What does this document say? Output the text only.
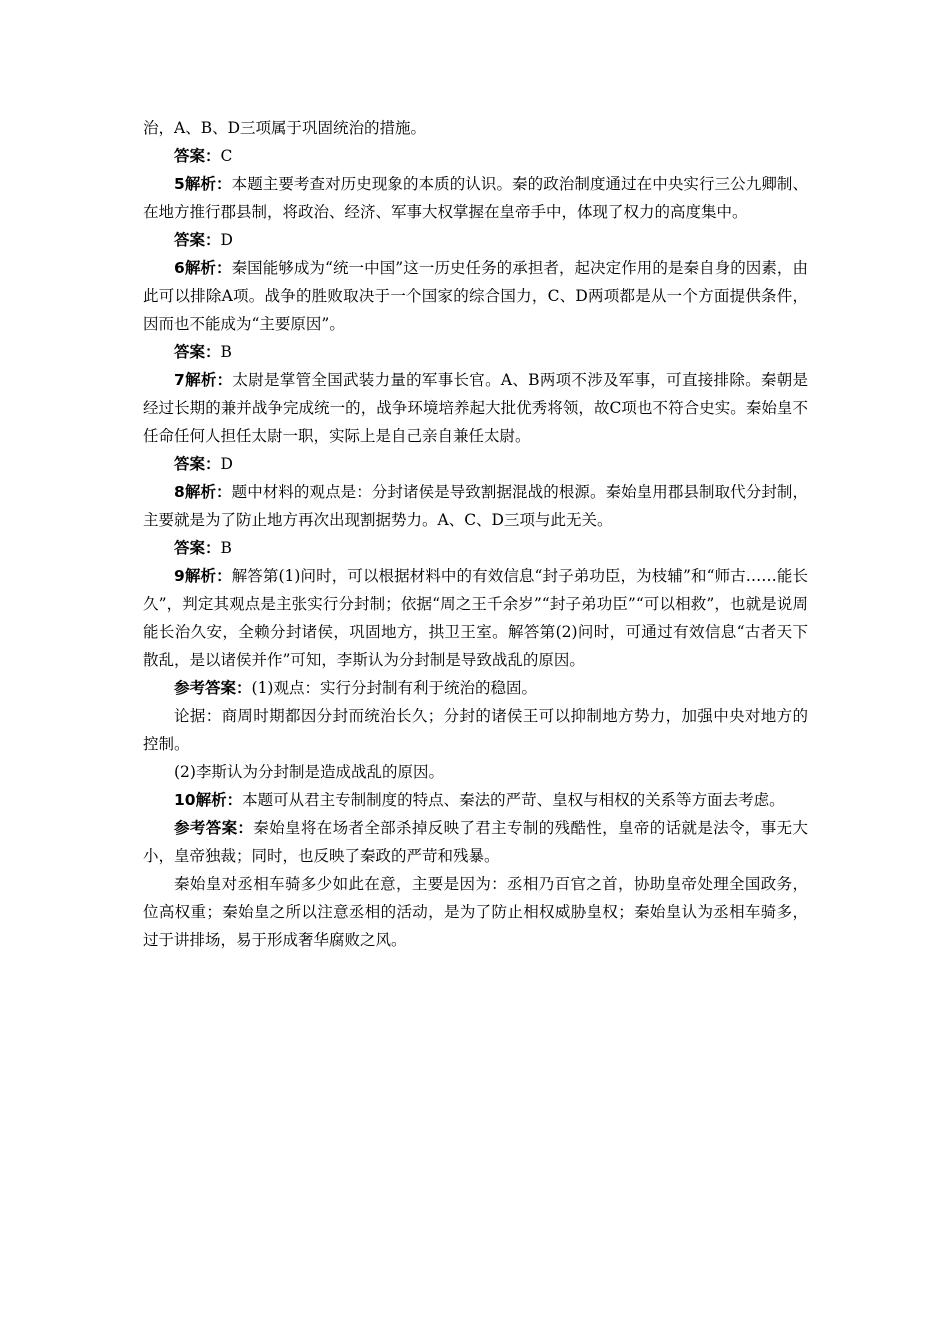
治，A、B、D三项属于巩固统治的措施。

答案：C

5解析：本题主要考查对历史现象的本质的认识。秦的政治制度通过在中央实行三公九卿制、在地方推行郡县制，将政治、经济、军事大权掌握在皇帝手中，体现了权力的高度集中。

答案：D

6解析：秦国能够成为“统一中国”这一历史任务的承担者，起决定作用的是秦自身的因素，由此可以排除A项。战争的胜败取决于一个国家的综合国力，C、D两项都是从一个方面提供条件，因而也不能成为“主要原因”。

答案：B

7解析：太尉是掌管全国武装力量的军事长官。A、B两项不涉及军事，可直接排除。秦朝是经过长期的兼并战争完成统一的，战争环境培养起大批优秀将领，故C项也不符合史实。秦始皇不任命任何人担任太尉一职，实际上是自己亲自兼任太尉。

答案：D

8解析：题中材料的观点是：分封诸侯是导致割据混战的根源。秦始皇用郡县制取代分封制，主要就是为了防止地方再次出现割据势力。A、C、D三项与此无关。

答案：B

9解析：解答第(1)问时，可以根据材料中的有效信息“封子弟功臣，为枝辅”和“师古……能长久”，判定其观点是主张实行分封制；依据“周之王千余岁”“封子弟功臣”“可以相救”，也就是说周能长治久安，全赖分封诸侯，巩固地方，拱卫王室。解答第(2)问时，可通过有效信息“古者天下散乱，是以诸侯并作”可知，李斯认为分封制是导致战乱的原因。

参考答案：(1)观点：实行分封制有利于统治的稳固。

论据：商周时期都因分封而统治长久；分封的诸侯王可以抑制地方势力，加强中央对地方的控制。

(2)李斯认为分封制是造成战乱的原因。

10解析：本题可从君主专制制度的特点、秦法的严苛、皇权与相权的关系等方面去考虑。

参考答案：秦始皇将在场者全部杀掉反映了君主专制的残酷性，皇帝的话就是法令，事无大小，皇帝独裁；同时，也反映了秦政的严苛和残暴。

秦始皇对丞相车骑多少如此在意，主要是因为：丞相乃百官之首，协助皇帝处理全国政务，位高权重；秦始皇之所以注意丞相的活动，是为了防止相权威胁皇权；秦始皇认为丞相车骑多，过于讲排场，易于形成奢华腐败之风。
